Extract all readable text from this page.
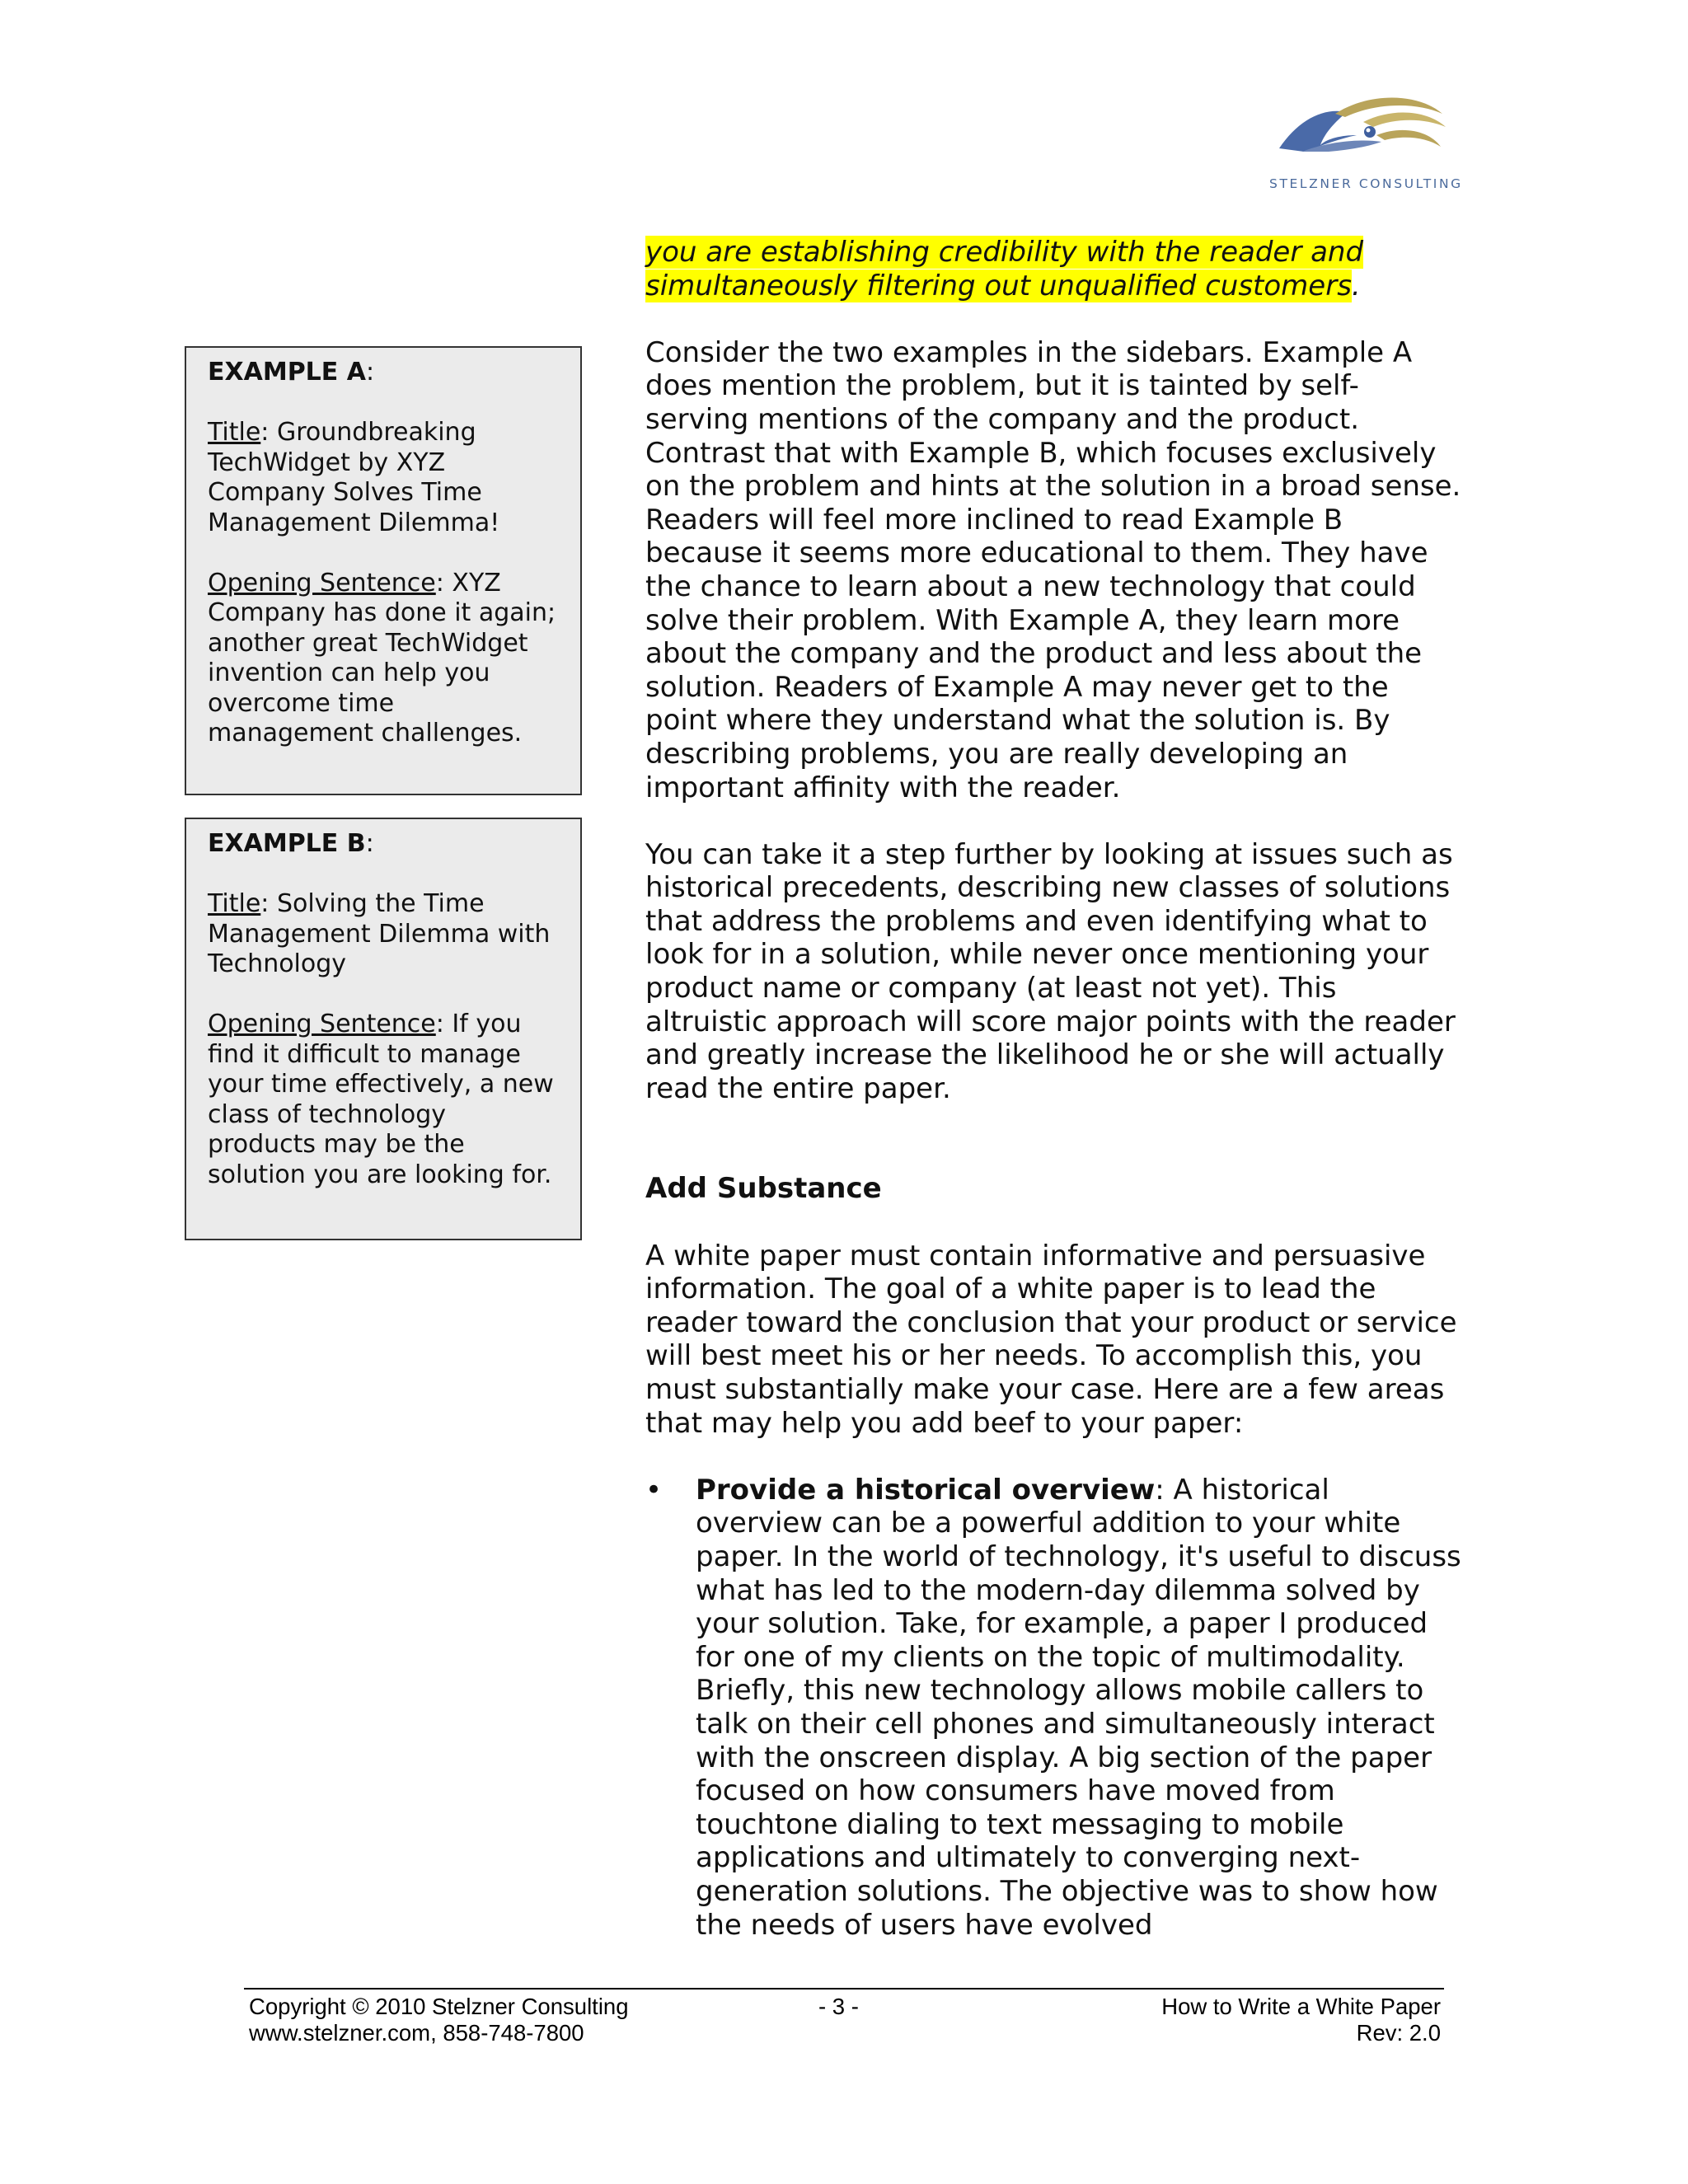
STELZNER CONSULTING

EXAMPLE A:

Title: Groundbreaking TechWidget by XYZ Company Solves Time Management Dilemma!

Opening Sentence: XYZ Company has done it again; another great TechWidget invention can help you overcome time management challenges.

EXAMPLE B:

Title: Solving the Time Management Dilemma with Technology

Opening Sentence: If you find it difficult to manage your time effectively, a new class of technology products may be the solution you are looking for.

you are establishing credibility with the reader and simultaneously filtering out unqualified customers.

Consider the two examples in the sidebars. Example A does mention the problem, but it is tainted by self-serving mentions of the company and the product. Contrast that with Example B, which focuses exclusively on the problem and hints at the solution in a broad sense. Readers will feel more inclined to read Example B because it seems more educational to them. They have the chance to learn about a new technology that could solve their problem. With Example A, they learn more about the company and the product and less about the solution. Readers of Example A may never get to the point where they understand what the solution is. By describing problems, you are really developing an important affinity with the reader.

You can take it a step further by looking at issues such as historical precedents, describing new classes of solutions that address the problems and even identifying what to look for in a solution, while never once mentioning your product name or company (at least not yet). This altruistic approach will score major points with the reader and greatly increase the likelihood he or she will actually read the entire paper.

Add Substance

A white paper must contain informative and persuasive information. The goal of a white paper is to lead the reader toward the conclusion that your product or service will best meet his or her needs. To accomplish this, you must substantially make your case. Here are a few areas that may help you add beef to your paper:

• Provide a historical overview: A historical overview can be a powerful addition to your white paper. In the world of technology, it's useful to discuss what has led to the modern-day dilemma solved by your solution. Take, for example, a paper I produced for one of my clients on the topic of multimodality. Briefly, this new technology allows mobile callers to talk on their cell phones and simultaneously interact with the onscreen display. A big section of the paper focused on how consumers have moved from touchtone dialing to text messaging to mobile applications and ultimately to converging next-generation solutions. The objective was to show how the needs of users have evolved

Copyright © 2010 Stelzner Consulting
www.stelzner.com, 858-748-7800
- 3 -	How to Write a White Paper
Rev: 2.0
